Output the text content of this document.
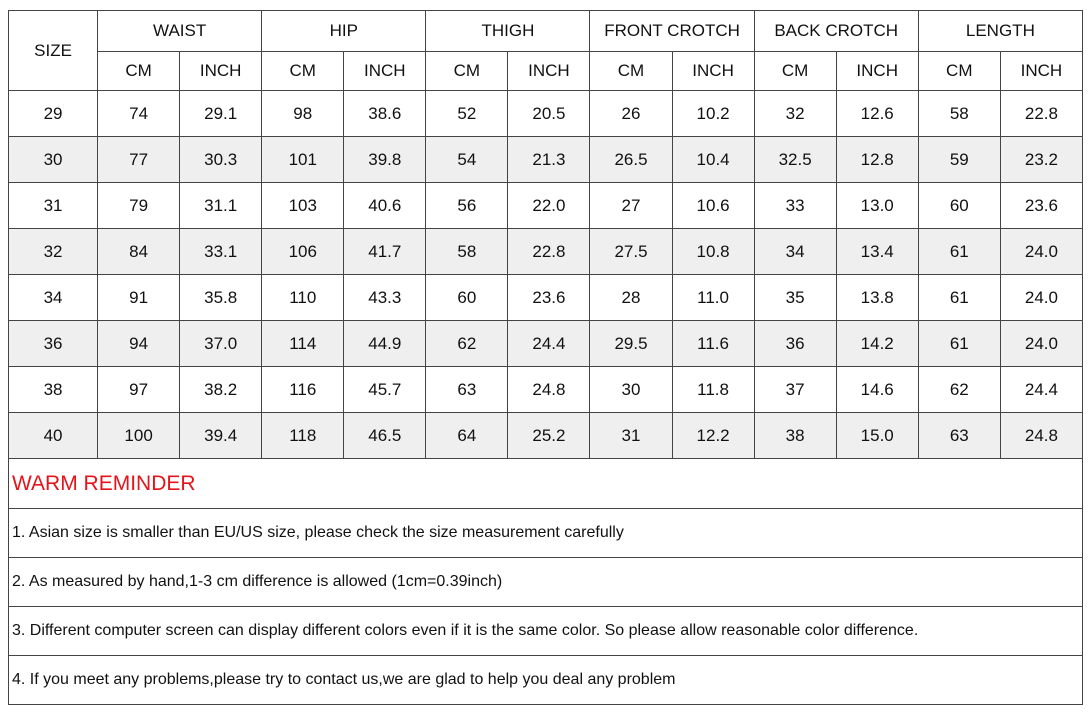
SIZE	WAIST		HIP		THIGH		FRONT CROTCH		BACK CROTCH		LENGTH	
	CM	INCH	CM	INCH	CM	INCH	CM	INCH	CM	INCH	CM	INCH
29	74	29.1	98	38.6	52	20.5	26	10.2	32	12.6	58	22.8
30	77	30.3	101	39.8	54	21.3	26.5	10.4	32.5	12.8	59	23.2
31	79	31.1	103	40.6	56	22.0	27	10.6	33	13.0	60	23.6
32	84	33.1	106	41.7	58	22.8	27.5	10.8	34	13.4	61	24.0
34	91	35.8	110	43.3	60	23.6	28	11.0	35	13.8	61	24.0
36	94	37.0	114	44.9	62	24.4	29.5	11.6	36	14.2	61	24.0
38	97	38.2	116	45.7	63	24.8	30	11.8	37	14.6	62	24.4
40	100	39.4	118	46.5	64	25.2	31	12.2	38	15.0	63	24.8
WARM REMINDER
1. Asian size is smaller than EU/US size, please check the size measurement carefully
2. As measured by hand,1-3 cm difference is allowed (1cm=0.39inch)
3. Different computer screen can display different colors even if it is the same color. So please allow reasonable color difference.
4. If you meet any problems,please try to contact us,we are glad to help you deal any problem
